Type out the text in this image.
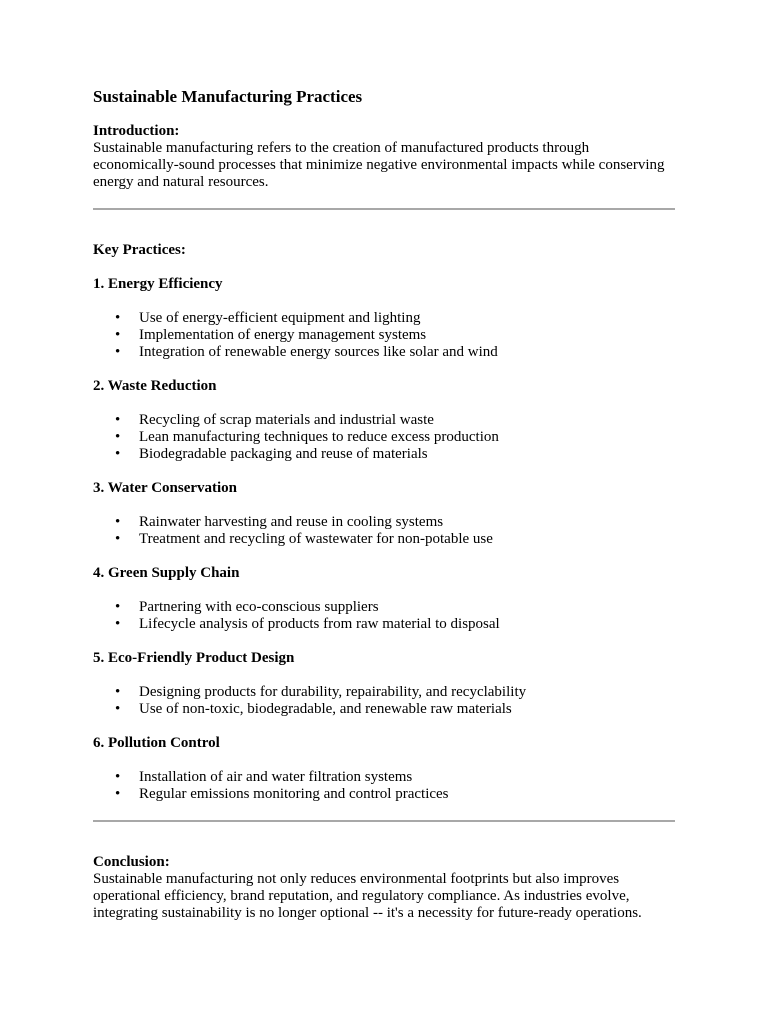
Sustainable Manufacturing Practices
Introduction:

Sustainable manufacturing refers to the creation of manufactured products through economically-sound processes that minimize negative environmental impacts while conserving energy and natural resources.

Key Practices:
1. Energy Efficiency
• Use of energy-efficient equipment and lighting
• Implementation of energy management systems
• Integration of renewable energy sources like solar and wind
2. Waste Reduction
• Recycling of scrap materials and industrial waste
• Lean manufacturing techniques to reduce excess production
• Biodegradable packaging and reuse of materials
3. Water Conservation
• Rainwater harvesting and reuse in cooling systems
• Treatment and recycling of wastewater for non-potable use
4. Green Supply Chain
• Partnering with eco-conscious suppliers
• Lifecycle analysis of products from raw material to disposal
5. Eco-Friendly Product Design
• Designing products for durability, repairability, and recyclability
• Use of non-toxic, biodegradable, and renewable raw materials
6. Pollution Control
• Installation of air and water filtration systems
• Regular emissions monitoring and control practices
Conclusion:

Sustainable manufacturing not only reduces environmental footprints but also improves operational efficiency, brand reputation, and regulatory compliance. As industries evolve, integrating sustainability is no longer optional -- it's a necessity for future-ready operations.
